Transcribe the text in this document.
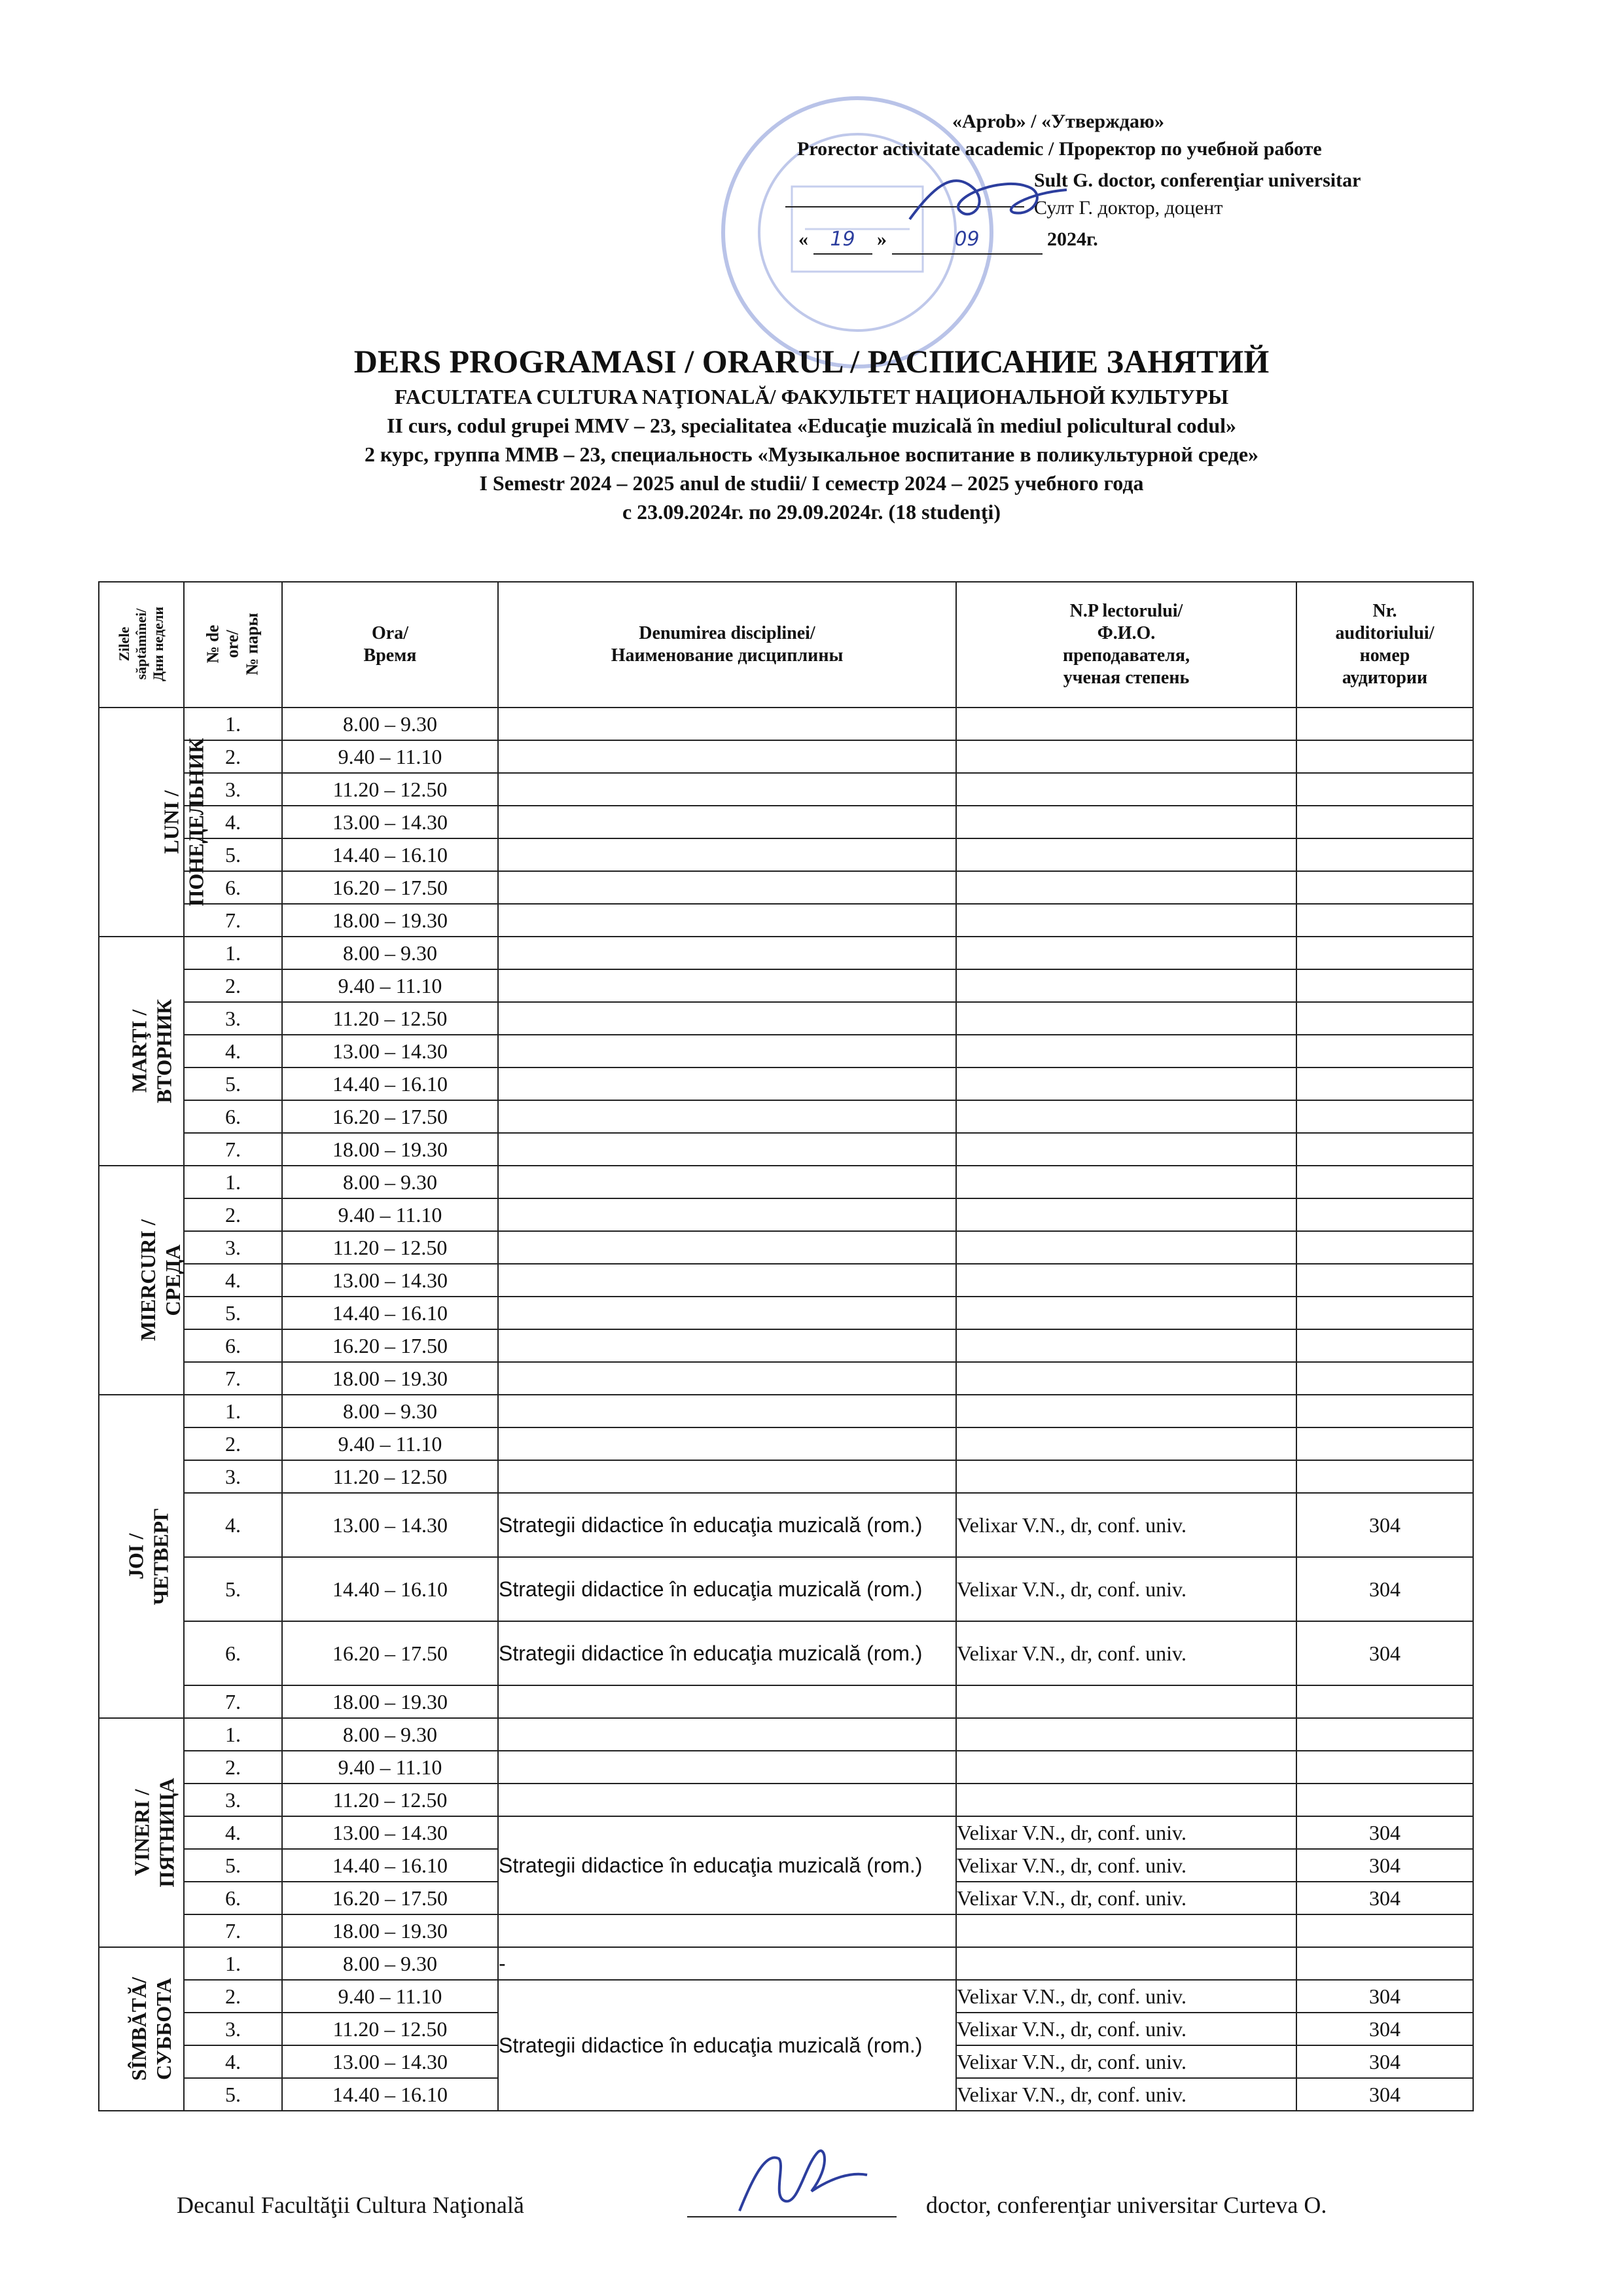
«Aprob» / «Утверждаю»
Prorector activitate academic / Проректор по учебной работе
Sult G. doctor, conferenţiar universitar
Султ Г. доктор, доцент
« 19 »	09	2024г.
DERS PROGRAMASI / ORARUL / РАСПИСАНИЕ ЗАНЯТИЙ
FACULTATEA CULTURA NAŢIONALĂ/ ФАКУЛЬТЕТ НАЦИОНАЛЬНОЙ КУЛЬТУРЫ
II curs, codul grupei MMV – 23, specialitatea «Educaţie muzicală în mediul policultural codul»
2 курс, группа ММВ – 23, специальность «Музыкальное воспитание в поликультурной среде»
I Semestr 2024 – 2025 anul de studii/ I семестр 2024 – 2025 учебного года
с 23.09.2024г. по 29.09.2024г. (18 studenţi)
Zilele
săptămînei/
Дни недели	№ de
ore/
№ пары	Ora/
Время	Denumirea disciplinei/
Наименование дисциплины	N.P lectorului/
Ф.И.О.
преподавателя,
ученая степень	Nr.
auditoriului/
номер
аудитории
LUNI /
ПОНЕДЕЛЬНИК	1.	8.00 – 9.30			
	2.	9.40 – 11.10			
	3.	11.20 – 12.50			
	4.	13.00 – 14.30			
	5.	14.40 – 16.10			
	6.	16.20 – 17.50			
	7.	18.00 – 19.30			
MARŢI /
ВТОРНИК	1.	8.00 – 9.30			
	2.	9.40 – 11.10			
	3.	11.20 – 12.50			
	4.	13.00 – 14.30			
	5.	14.40 – 16.10			
	6.	16.20 – 17.50			
	7.	18.00 – 19.30			
MIERCURI /
СРЕДА	1.	8.00 – 9.30			
	2.	9.40 – 11.10			
	3.	11.20 – 12.50			
	4.	13.00 – 14.30			
	5.	14.40 – 16.10			
	6.	16.20 – 17.50			
	7.	18.00 – 19.30			
JOI /
ЧЕТВЕРГ	1.	8.00 – 9.30			
	2.	9.40 – 11.10			
	3.	11.20 – 12.50			
	4.	13.00 – 14.30	Strategii didactice în educaţia muzicală (rom.)	Velixar V.N., dr, conf. univ.	304
	5.	14.40 – 16.10	Strategii didactice în educaţia muzicală (rom.)	Velixar V.N., dr, conf. univ.	304
	6.	16.20 – 17.50	Strategii didactice în educaţia muzicală (rom.)	Velixar V.N., dr, conf. univ.	304
	7.	18.00 – 19.30			
VINERI /
ПЯТНИЦА	1.	8.00 – 9.30			
	2.	9.40 – 11.10			
	3.	11.20 – 12.50			
	4.	13.00 – 14.30	Strategii didactice în educaţia muzicală (rom.)	Velixar V.N., dr, conf. univ.	304
	5.	14.40 – 16.10		Velixar V.N., dr, conf. univ.	304
	6.	16.20 – 17.50		Velixar V.N., dr, conf. univ.	304
	7.	18.00 – 19.30			
SÎMBĂTĂ/
СУББОТА	1.	8.00 – 9.30	-		
	2.	9.40 – 11.10	Strategii didactice în educaţia muzicală (rom.)	Velixar V.N., dr, conf. univ.	304
	3.	11.20 – 12.50		Velixar V.N., dr, conf. univ.	304
	4.	13.00 – 14.30		Velixar V.N., dr, conf. univ.	304
	5.	14.40 – 16.10		Velixar V.N., dr, conf. univ.	304
Decanul Facultăţii Cultura Naţională	doctor, conferenţiar universitar Curteva O.
